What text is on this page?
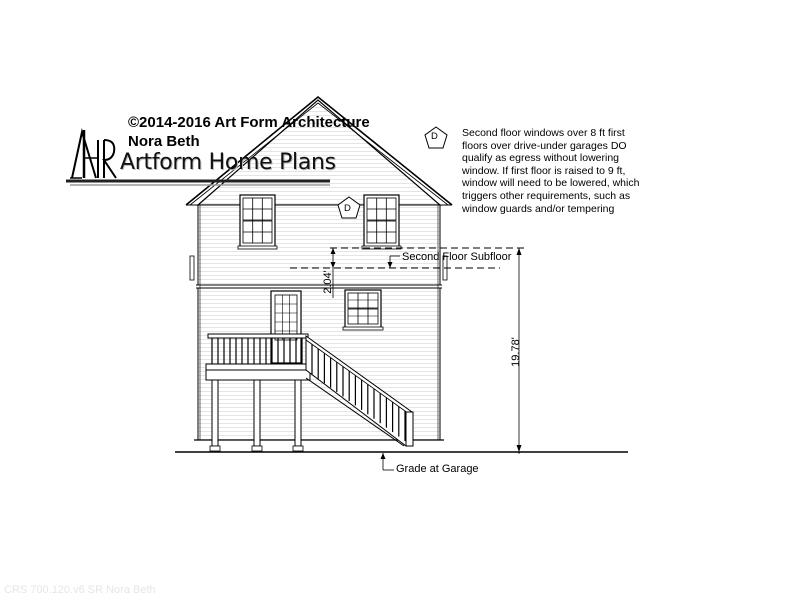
©2014-2016 Art Form Architecture
Nora Beth
Artform Home Plans
D
D
Second floor windows over 8 ft first floors over drive-under garages DO qualify as egress without lowering window. If first floor is raised to 9 ft, window will need to be lowered, which triggers other requirements, such as window guards and/or tempering
Second Floor Subfloor
Grade at Garage
2.04'
19.78'
CRS 700.120.v6 SR Nora Beth
